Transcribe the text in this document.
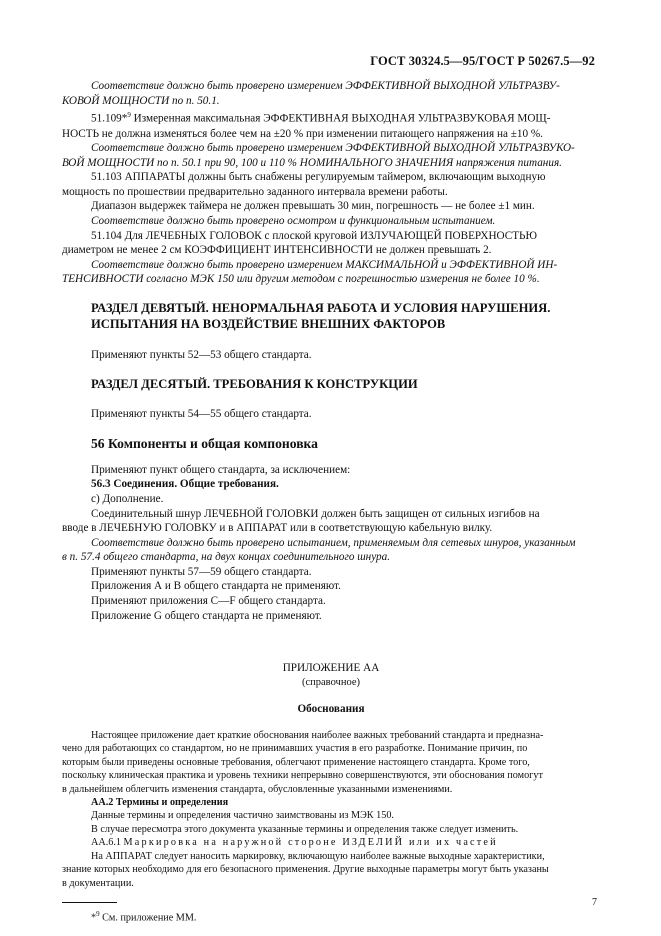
ГОСТ 30324.5—95/ГОСТ Р 50267.5—92

Соответствие должно быть проверено измерением ЭФФЕКТИВНОЙ ВЫХОДНОЙ УЛЬТРАЗВУ-

КОВОЙ МОЩНОСТИ по п. 50.1.

51.109*$^9$ Измеренная максимальная ЭФФЕКТИВНАЯ ВЫХОДНАЯ УЛЬТРАЗВУКОВАЯ МОЩ-

НОСТЬ не должна изменяться более чем на ±20 % при изменении питающего напряжения на ±10 %.

Соответствие должно быть проверено измерением ЭФФЕКТИВНОЙ ВЫХОДНОЙ УЛЬТРАЗВУКО-

ВОЙ МОЩНОСТИ по п. 50.1 при 90, 100 и 110 % НОМИНАЛЬНОГО ЗНАЧЕНИЯ напряжения питания.

51.103 АППАРАТЫ должны быть снабжены регулируемым таймером, включающим выходную

мощность по прошествии предварительно заданного интервала времени работы.

Диапазон выдержек таймера не должен превышать 30 мин, погрешность — не более ±1 мин.

Соответствие должно быть проверено осмотром и функциональным испытанием.

51.104 Для ЛЕЧЕБНЫХ ГОЛОВОК с плоской круговой ИЗЛУЧАЮЩЕЙ ПОВЕРХНОСТЬЮ

диаметром не менее 2 см КОЭФФИЦИЕНТ ИНТЕНСИВНОСТИ не должен превышать 2.

Соответствие должно быть проверено измерением МАКСИМАЛЬНОЙ и ЭФФЕКТИВНОЙ ИН-

ТЕНСИВНОСТИ согласно МЭК 150 или другим методом с погрешностью измерения не более 10 %.

РАЗДЕЛ ДЕВЯТЫЙ. НЕНОРМАЛЬНАЯ РАБОТА И УСЛОВИЯ НАРУШЕНИЯ.

ИСПЫТАНИЯ НА ВОЗДЕЙСТВИЕ ВНЕШНИХ ФАКТОРОВ

Применяют пункты 52—53 общего стандарта.

РАЗДЕЛ ДЕСЯТЫЙ. ТРЕБОВАНИЯ К КОНСТРУКЦИИ

Применяют пункты 54—55 общего стандарта.

56 Компоненты и общая компоновка

Применяют пункт общего стандарта, за исключением:

56.3 Соединения. Общие требования.

с) Дополнение.

Соединительный шнур ЛЕЧЕБНОЙ ГОЛОВКИ должен быть защищен от сильных изгибов на

вводе в ЛЕЧЕБНУЮ ГОЛОВКУ и в АППАРАТ или в соответствующую кабельную вилку.

Соответствие должно быть проверено испытанием, применяемым для сетевых шнуров, указанным

в п. 57.4 общего стандарта, на двух концах соединительного шнура.

Применяют пункты 57—59 общего стандарта.

Приложения А и В общего стандарта не применяют.

Применяют приложения С—F общего стандарта.

Приложение G общего стандарта не применяют.

ПРИЛОЖЕНИЕ АА

(справочное)

Обоснования

Настоящее приложение дает краткие обоснования наиболее важных требований стандарта и предназна-

чено для работающих со стандартом, но не принимавших участия в его разработке. Понимание причин, по

которым были приведены основные требования, облегчают применение настоящего стандарта. Кроме того,

поскольку клиническая практика и уровень техники непрерывно совершенствуются, эти обоснования помогут

в дальнейшем облегчить изменения стандарта, обусловленные указанными изменениями.

АА.2 Термины и определения

Данные термины и определения частично заимствованы из МЭК 150.

В случае пересмотра этого документа указанные термины и определения также следует изменить.

АА.6.1 Маркировка на наружной стороне ИЗДЕЛИЙ или их частей

На АППАРАТ следует наносить маркировку, включающую наиболее важные выходные характеристики,

знание которых необходимо для его безопасного применения. Другие выходные параметры могут быть указаны

в документации.

*$^9$ См. приложение ММ.

7
